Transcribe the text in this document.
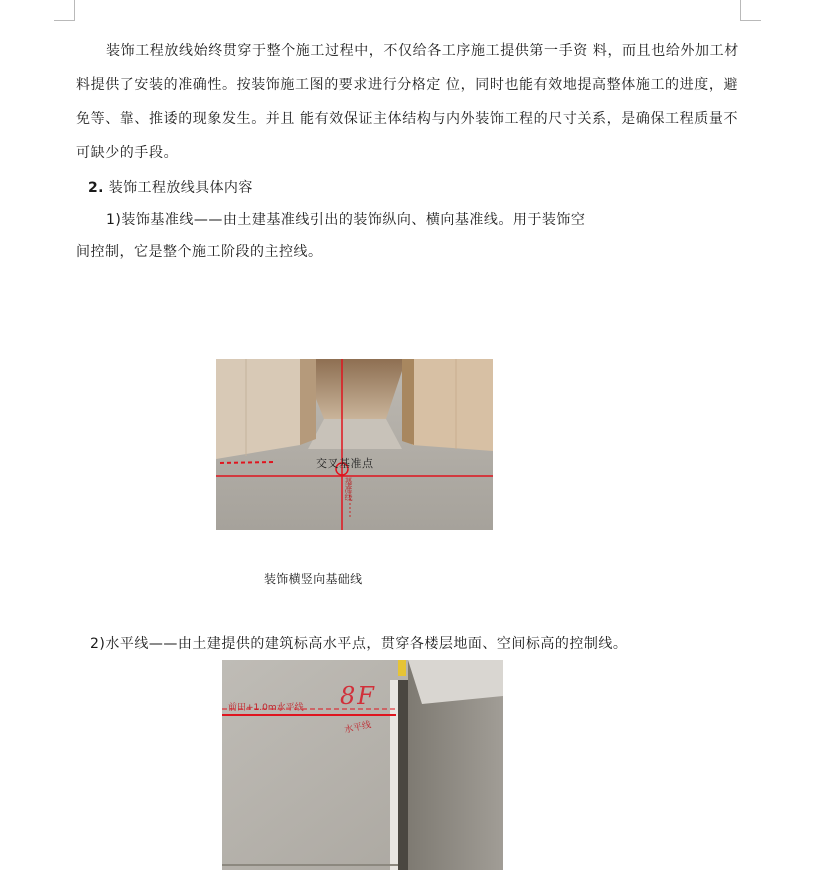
装饰工程放线始终贯穿于整个施工过程中，不仅给各工序施工提供第一手资 料，而且也给外加工材料提供了安装的准确性。按装饰施工图的要求进行分格定 位，同时也能有效地提高整体施工的进度，避免等、靠、推诿的现象发生。并且 能有效保证主体结构与内外装饰工程的尺寸关系，是确保工程质量不可缺少的手段。

2. 装饰工程放线具体内容
1)装饰基准线——由土建基准线引出的装饰纵向、横向基准线。用于装饰空
间控制，它是整个施工阶段的主控线。
交叉基准点
基准线
装饰横竖向基础线
2)水平线——由土建提供的建筑标高水平点，贯穿各楼层地面、空间标高的控制线。
8F
前田+1.0m水平线
水平线
